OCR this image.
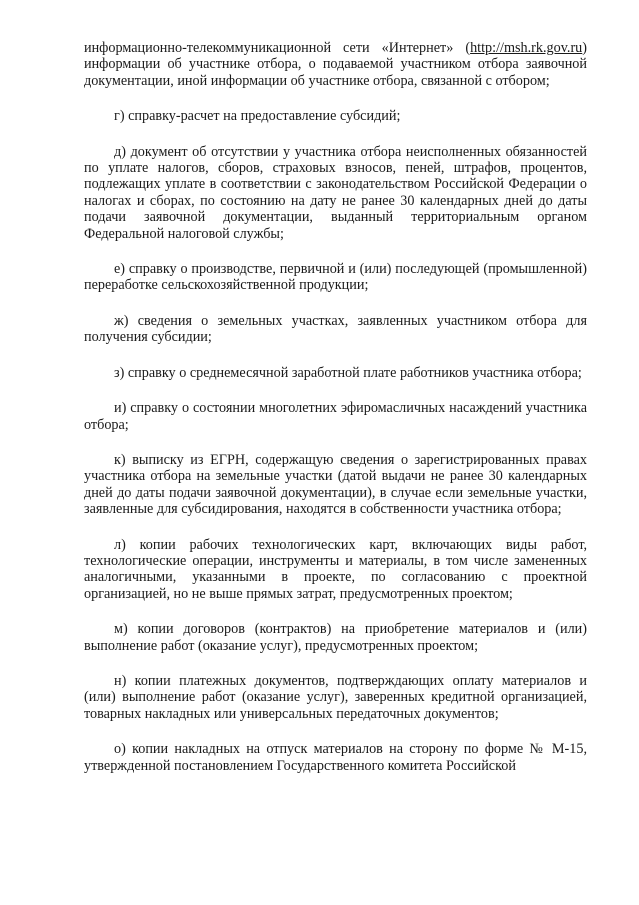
информационно-телекоммуникационной сети «Интернет» (http://msh.rk.gov.ru) информации об участнике отбора, о подаваемой участником отбора заявочной документации, иной информации об участнике отбора, связанной с отбором;

г) справку-расчет на предоставление субсидий;

д) документ об отсутствии у участника отбора неисполненных обязанностей по уплате налогов, сборов, страховых взносов, пеней, штрафов, процентов, подлежащих уплате в соответствии с законодательством Российской Федерации о налогах и сборах, по состоянию на дату не ранее 30 календарных дней до даты подачи заявочной документации, выданный территориальным органом Федеральной налоговой службы;

е) справку о производстве, первичной и (или) последующей (промышленной) переработке сельскохозяйственной продукции;

ж) сведения о земельных участках, заявленных участником отбора для получения субсидии;

з) справку о среднемесячной заработной плате работников участника отбора;

и) справку о состоянии многолетних эфиромасличных насаждений участника отбора;

к) выписку из ЕГРН, содержащую сведения о зарегистрированных правах участника отбора на земельные участки (датой выдачи не ранее 30 календарных дней до даты подачи заявочной документации), в случае если земельные участки, заявленные для субсидирования, находятся в собственности участника отбора;

л) копии рабочих технологических карт, включающих виды работ, технологические операции, инструменты и материалы, в том числе замененных аналогичными, указанными в проекте, по согласованию с проектной организацией, но не выше прямых затрат, предусмотренных проектом;

м) копии договоров (контрактов) на приобретение материалов и (или) выполнение работ (оказание услуг), предусмотренных проектом;

н) копии платежных документов, подтверждающих оплату материалов и (или) выполнение работ (оказание услуг), заверенных кредитной организацией, товарных накладных или универсальных передаточных документов;

о) копии накладных на отпуск материалов на сторону по форме № М-15, утвержденной постановлением Государственного комитета Российской
